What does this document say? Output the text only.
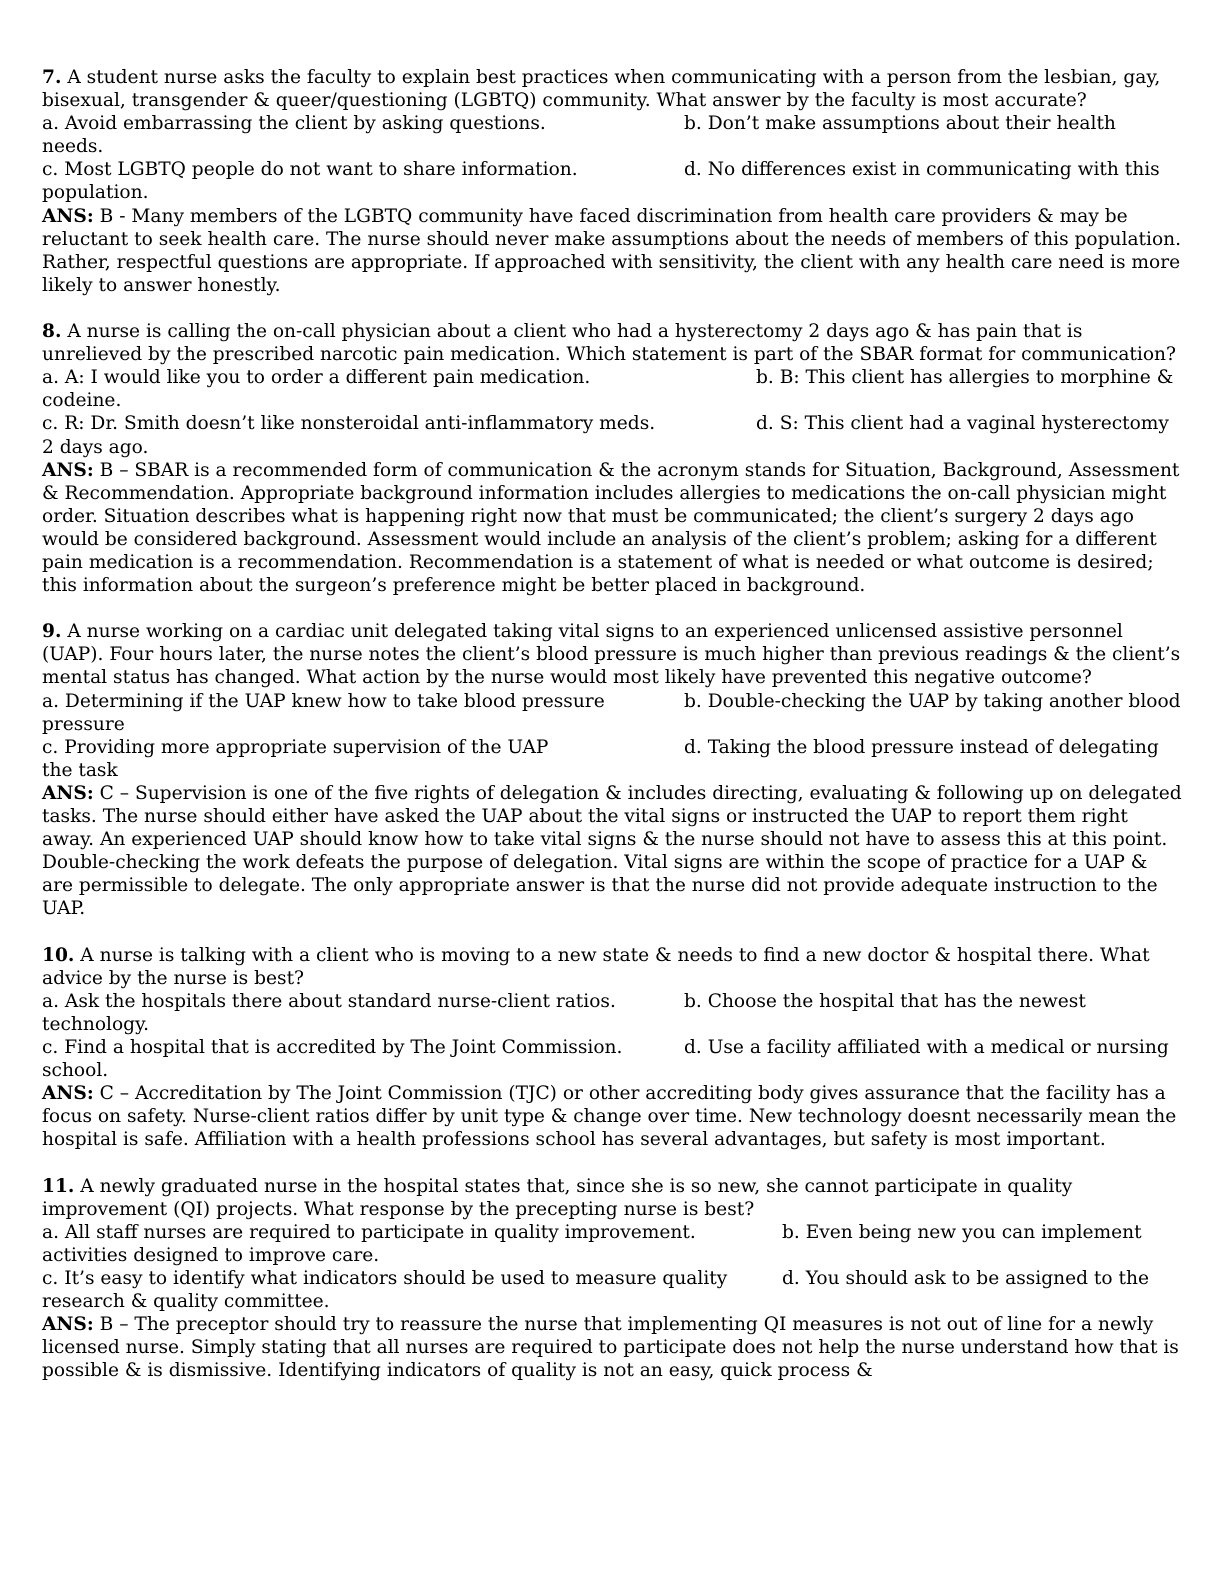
7. A student nurse asks the faculty to explain best practices when communicating with a person from the lesbian, gay, bisexual, transgender & queer/questioning (LGBTQ) community. What answer by the faculty is most accurate?

a. Avoid embarrassing the client by asking questions.	b. Don’t make assumptions about their health needs.

c. Most LGBTQ people do not want to share information.	d. No differences exist in communicating with this population.

ANS: B - Many members of the LGBTQ community have faced discrimination from health care providers & may be reluctant to seek health care. The nurse should never make assumptions about the needs of members of this population. Rather, respectful questions are appropriate. If approached with sensitivity, the client with any health care need is more likely to answer honestly.

8. A nurse is calling the on-call physician about a client who had a hysterectomy 2 days ago & has pain that is unrelieved by the prescribed narcotic pain medication. Which statement is part of the SBAR format for communication?

a. A: I would like you to order a different pain medication.	b. B: This client has allergies to morphine & codeine.

c. R: Dr. Smith doesn’t like nonsteroidal anti-inflammatory meds.	d. S: This client had a vaginal hysterectomy 2 days ago.

ANS: B – SBAR is a recommended form of communication & the acronym stands for Situation, Background, Assessment & Recommendation. Appropriate background information includes allergies to medications the on-call physician might order. Situation describes what is happening right now that must be communicated; the client’s surgery 2 days ago would be considered background. Assessment would include an analysis of the client’s problem; asking for a different pain medication is a recommendation. Recommendation is a statement of what is needed or what outcome is desired; this information about the surgeon’s preference might be better placed in background.

9. A nurse working on a cardiac unit delegated taking vital signs to an experienced unlicensed assistive personnel (UAP). Four hours later, the nurse notes the client’s blood pressure is much higher than previous readings & the client’s mental status has changed. What action by the nurse would most likely have prevented this negative outcome?

a. Determining if the UAP knew how to take blood pressure	b. Double-checking the UAP by taking another blood pressure

c. Providing more appropriate supervision of the UAP	d. Taking the blood pressure instead of delegating the task

ANS: C – Supervision is one of the five rights of delegation & includes directing, evaluating & following up on delegated tasks. The nurse should either have asked the UAP about the vital signs or instructed the UAP to report them right away. An experienced UAP should know how to take vital signs & the nurse should not have to assess this at this point. Double-checking the work defeats the purpose of delegation. Vital signs are within the scope of practice for a UAP & are permissible to delegate. The only appropriate answer is that the nurse did not provide adequate instruction to the UAP.

10. A nurse is talking with a client who is moving to a new state & needs to find a new doctor & hospital there. What advice by the nurse is best?

a. Ask the hospitals there about standard nurse-client ratios.	b. Choose the hospital that has the newest technology.

c. Find a hospital that is accredited by The Joint Commission.	d. Use a facility affiliated with a medical or nursing school.

ANS: C – Accreditation by The Joint Commission (TJC) or other accrediting body gives assurance that the facility has a focus on safety. Nurse-client ratios differ by unit type & change over time. New technology doesnt necessarily mean the hospital is safe. Affiliation with a health professions school has several advantages, but safety is most important.

11. A newly graduated nurse in the hospital states that, since she is so new, she cannot participate in quality improvement (QI) projects. What response by the precepting nurse is best?

a. All staff nurses are required to participate in quality improvement.	b. Even being new you can implement activities designed to improve care.

c. It’s easy to identify what indicators should be used to measure quality	d. You should ask to be assigned to the research & quality committee.

ANS: B – The preceptor should try to reassure the nurse that implementing QI measures is not out of line for a newly licensed nurse. Simply stating that all nurses are required to participate does not help the nurse understand how that is possible & is dismissive. Identifying indicators of quality is not an easy, quick process &
